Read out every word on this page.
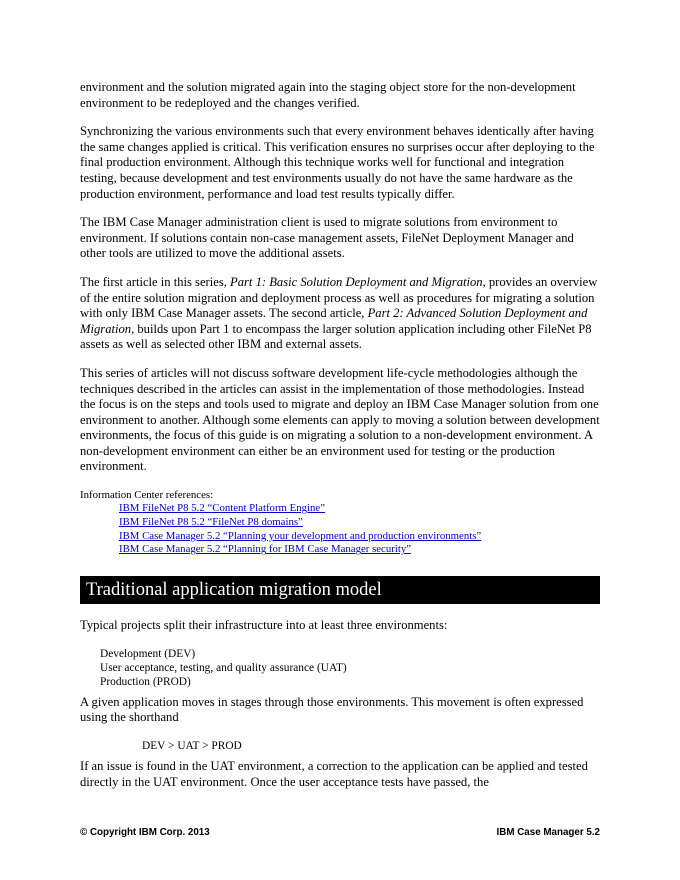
environment and the solution migrated again into the staging object store for the non-development environment to be redeployed and the changes verified.

Synchronizing the various environments such that every environment behaves identically after having the same changes applied is critical. This verification ensures no surprises occur after deploying to the final production environment. Although this technique works well for functional and integration testing, because development and test environments usually do not have the same hardware as the production environment, performance and load test results typically differ.

The IBM Case Manager administration client is used to migrate solutions from environment to environment. If solutions contain non-case management assets, FileNet Deployment Manager and other tools are utilized to move the additional assets.

The first article in this series, Part 1: Basic Solution Deployment and Migration, provides an overview of the entire solution migration and deployment process as well as procedures for migrating a solution with only IBM Case Manager assets. The second article, Part 2: Advanced Solution Deployment and Migration, builds upon Part 1 to encompass the larger solution application including other FileNet P8 assets as well as selected other IBM and external assets.

This series of articles will not discuss software development life-cycle methodologies although the techniques described in the articles can assist in the implementation of those methodologies. Instead the focus is on the steps and tools used to migrate and deploy an IBM Case Manager solution from one environment to another. Although some elements can apply to moving a solution between development environments, the focus of this guide is on migrating a solution to a non-development environment. A non-development environment can either be an environment used for testing or the production environment.

Information Center references:
IBM FileNet P8 5.2 “Content Platform Engine”
IBM FileNet P8 5.2 “FileNet P8 domains”
IBM Case Manager 5.2 “Planning your development and production environments”
IBM Case Manager 5.2 “Planning for IBM Case Manager security”
Traditional application migration model

Typical projects split their infrastructure into at least three environments:

Development (DEV)
User acceptance, testing, and quality assurance (UAT)
Production (PROD)

A given application moves in stages through those environments. This movement is often expressed using the shorthand

DEV > UAT > PROD

If an issue is found in the UAT environment, a correction to the application can be applied and tested directly in the UAT environment. Once the user acceptance tests have passed, the

© Copyright IBM Corp. 2013	IBM Case Manager 5.2
